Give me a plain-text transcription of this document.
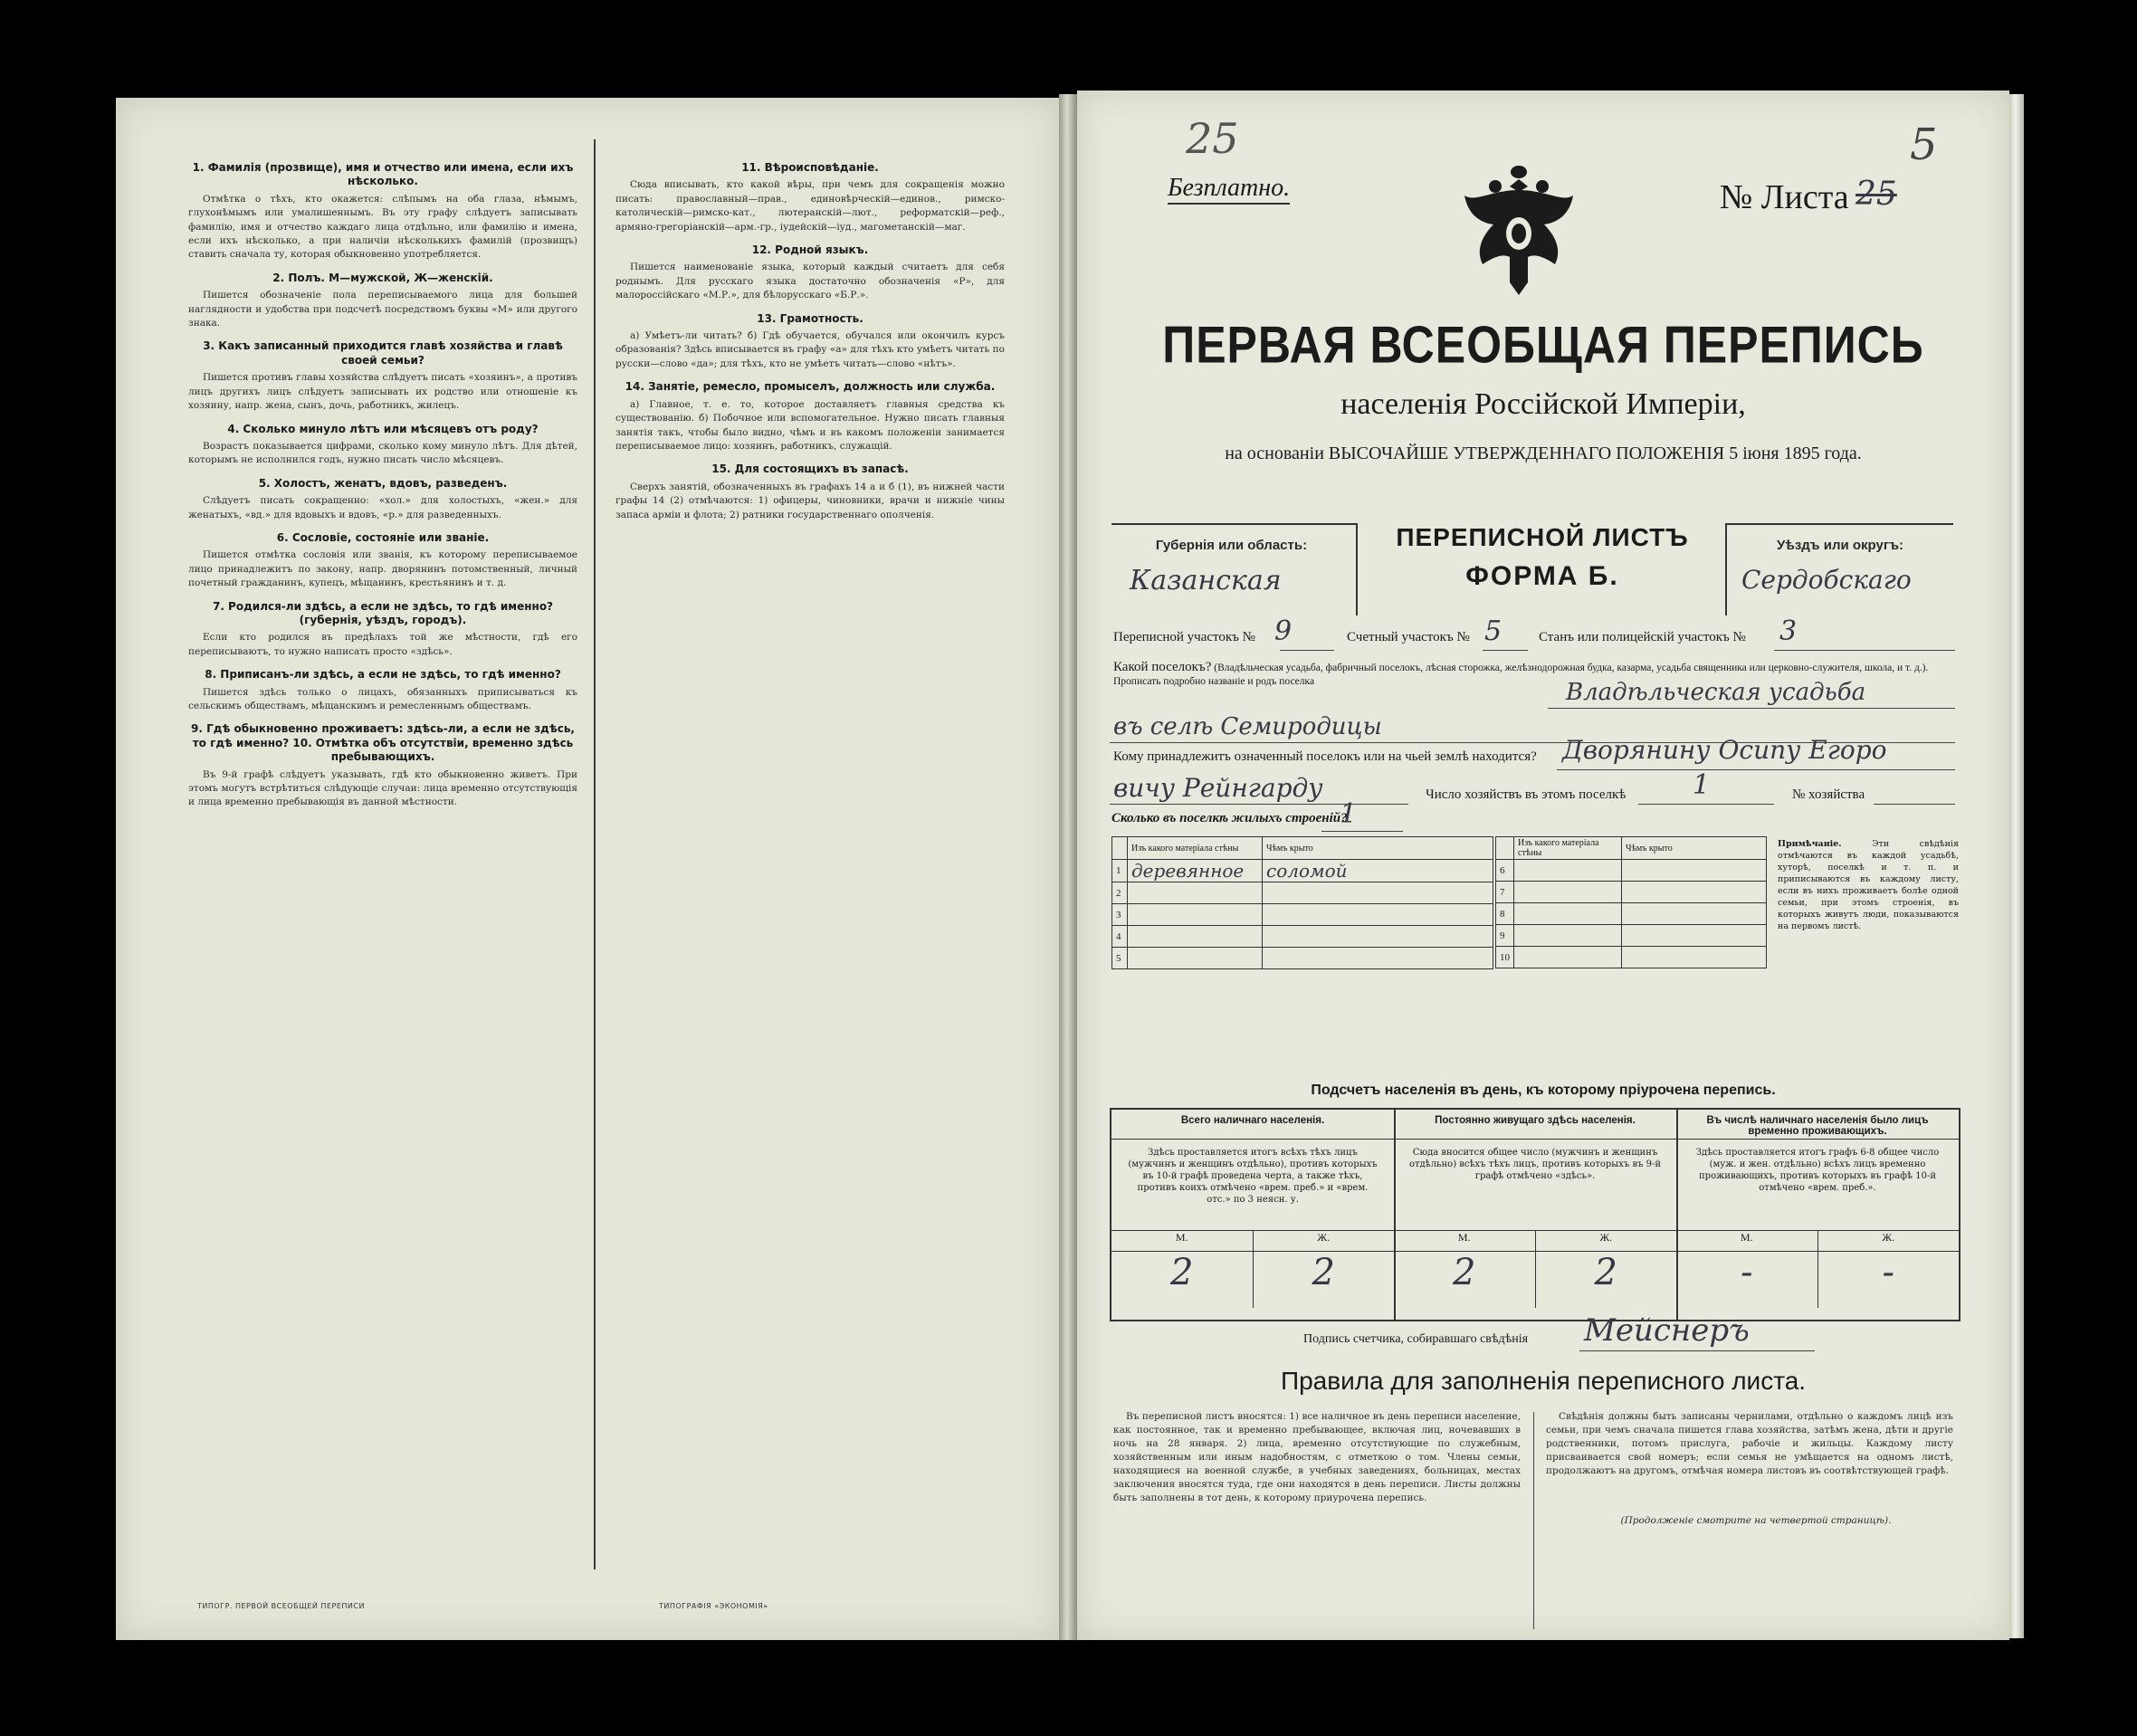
1. Фамилія (прозвище), имя и отчество или имена, если ихъ нѣсколько.

Отмѣтка о тѣхъ, кто окажется: слѣпымъ на оба глаза, нѣмымъ, глухонѣмымъ или умалишеннымъ. Въ эту графу слѣдуетъ записывать фамилію, имя и отчество каждаго лица отдѣльно, или фамилію и имена, если ихъ нѣсколько, а при наличіи нѣсколькихъ фамилій (прозвищъ) ставить сначала ту, которая обыкновенно употребляется.

2. Полъ. М—мужской, Ж—женскій.

Пишется обозначеніе пола переписываемого лица для большей наглядности и удобства при подсчетѣ посредствомъ буквы «М» или другого знака.

3. Какъ записанный приходится главѣ хозяйства и главѣ своей семьи?

Пишется противъ главы хозяйства слѣдуетъ писать «хозяинъ», а противъ лицъ другихъ лицъ слѣдуетъ записывать их родство или отношеніе къ хозяину, напр. жена, сынъ, дочь, работникъ, жилецъ.

4. Сколько минуло лѣтъ или мѣсяцевъ отъ роду?

Возрастъ показывается цифрами, сколько кому минуло лѣтъ. Для дѣтей, которымъ не исполнился годъ, нужно писать число мѣсяцевъ.

5. Холостъ, женатъ, вдовъ, разведенъ.

Слѣдуетъ писать сокращенно: «хол.» для холостыхъ, «жен.» для женатыхъ, «вд.» для вдовыхъ и вдовъ, «р.» для разведенныхъ.

6. Сословіе, состояніе или званіе.

Пишется отмѣтка сословія или званія, къ которому переписываемое лицо принадлежитъ по закону, напр. дворянинъ потомственный, личный почетный гражданинъ, купецъ, мѣщанинъ, крестьянинъ и т. д.

7. Родился-ли здѣсь, а если не здѣсь, то гдѣ именно? (губернія, уѣздъ, городъ).

Если кто родился въ предѣлахъ той же мѣстности, гдѣ его переписываютъ, то нужно написать просто «здѣсь».

8. Приписанъ-ли здѣсь, а если не здѣсь, то гдѣ именно?

Пишется здѣсь только о лицахъ, обязанныхъ приписываться къ сельскимъ обществамъ, мѣщанскимъ и ремесленнымъ обществамъ.

9. Гдѣ обыкновенно проживаетъ: здѣсь-ли, а если не здѣсь, то гдѣ именно? 10. Отмѣтка объ отсутствіи, временно здѣсь пребывающихъ.

Въ 9-й графѣ слѣдуетъ указывать, гдѣ кто обыкновенно живетъ. При этомъ могутъ встрѣтиться слѣдующіе случаи: лица временно отсутствующія и лица временно пребывающія въ данной мѣстности.

11. Вѣроисповѣданіе.

Сюда вписывать, кто какой вѣры, при чемъ для сокращенія можно писать: православный—прав., единовѣрческій—единов., римско-католическій—римско-кат., лютеранскій—лют., реформатскій—реф., армяно-грегоріанскій—арм.-гр., іудейскій—іуд., магометанскій—маг.

12. Родной языкъ.

Пишется наименованіе языка, который каждый считаетъ для себя роднымъ. Для русскаго языка достаточно обозначенія «Р», для малороссійскаго «М.Р.», для бѣлорусскаго «Б.Р.».

13. Грамотность.

а) Умѣетъ-ли читать? б) Гдѣ обучается, обучался или окончилъ курсъ образованія? Здѣсь вписывается въ графу «а» для тѣхъ кто умѣетъ читать по русски—слово «да»; для тѣхъ, кто не умѣетъ читать—слово «нѣтъ».

14. Занятіе, ремесло, промыселъ, должность или служба.

а) Главное, т. е. то, которое доставляетъ главныя средства къ существованію. б) Побочное или вспомогательное. Нужно писать главныя занятія такъ, чтобы было видно, чѣмъ и въ какомъ положеніи занимается переписываемое лицо: хозяинъ, работникъ, служащій.

15. Для состоящихъ въ запасѣ.

Сверхъ занятій, обозначенныхъ въ графахъ 14 а и б (1), въ нижней части графы 14 (2) отмѣчаются: 1) офицеры, чиновники, врачи и нижніе чины запаса арміи и флота; 2) ратники государственнаго ополченія.

ТИПОГР. ПЕРВОЙ ВСЕОБЩЕЙ ПЕРЕПИСИ	ТИПОГРАФІЯ «ЭКОНОМІЯ»
25	5
Безплатно.	№ Листа 25
ПЕРВАЯ ВСЕОБЩАЯ ПЕРЕПИСЬ
населенія Россійской Имперіи,
на основаніи ВЫСОЧАЙШЕ УТВЕРЖДЕННАГО ПОЛОЖЕНІЯ 5 іюня 1895 года.
Губернія или область:
Казанская
ПЕРЕПИСНОЙ ЛИСТЪ
ФОРМА Б.
Уѣздъ или округъ:
Сердобскаго
Переписной участокъ № 9	Счетный участокъ № 5	Станъ или полицейскій участокъ № 3
Какой поселокъ? (Владѣльческая усадьба, фабричный поселокъ, лѣсная сторожка, желѣзнодорожная будка, казарма, усадьба священника или церковно-служителя, школа, и т. д.). Прописать подробно названіе и родъ поселка	Владѣльческая усадьба
въ селѣ Семиродицы
Кому принадлежитъ означенный поселокъ или на чьей землѣ находится? Дворянину Осипу Егоро
вичу Рейнгарду	Число хозяйствъ въ этомъ поселкѣ 1	№ хозяйства
Сколько въ поселкѣ жилыхъ строеній?
1
	Изъ какого матеріала стѣны	Чѣмъ крыто
1	деревянное	соломой
2		
3		
4		
5		
	Изъ какого матеріала стѣны	Чѣмъ крыто
6		
7		
8		
9		
10		
Примѣчаніе.	Эти свѣдѣнія отмѣчаются въ каждой усадьбѣ, хуторѣ, поселкѣ и т. п. и приписываются въ каждому листу, если въ нихъ проживаетъ болѣе одной семьи, при этомъ строенія, въ которыхъ живутъ люди, показываются на первомъ листѣ.
Подсчетъ населенія въ день, къ которому пріурочена перепись.
Всего наличнаго населенія.
Здѣсь проставляется итогъ всѣхъ тѣхъ лицъ (мужчинъ и женщинъ отдѣльно), противъ которыхъ въ 10-й графѣ проведена черта, а также тѣхъ, противъ коихъ отмѣчено «врем. преб.» и «врем. отс.» по 3 неясн. у.
М.	Ж.
2	2
Постоянно живущаго здѣсь населенія.
Сюда вносится общее число (мужчинъ и женщинъ отдѣльно) всѣхъ тѣхъ лицъ, противъ которыхъ въ 9-й графѣ отмѣчено «здѣсь».
М.	Ж.
2	2
Въ числѣ наличнаго населенія было лицъ временно проживающихъ.
Здѣсь проставляется итогъ графъ 6-8 общее число (муж. и жен. отдѣльно) всѣхъ лицъ временно проживающихъ, противъ которыхъ въ графѣ 10-й отмѣчено «врем. преб.».
М.	Ж.
-	-
Подпись счетчика, собиравшаго свѣдѣнія Мейснеръ
Правила для заполненія переписного листа.

Въ переписной листъ вносятся: 1) все наличное въ день переписи население, как постоянное, так и временно пребывающее, включая лиц, ночевавших в ночь на 28 января. 2) лица, временно отсутствующие по служебным, хозяйственным или иным надобностям, с отметкою о том. Члены семьи, находящиеся на военной службе, в учебных заведениях, больницах, местах заключения вносятся туда, где они находятся в день переписи. Листы должны быть заполнены в тот день, к которому приурочена перепись.

Свѣдѣнія должны быть записаны чернилами, отдѣльно о каждомъ лицѣ изъ семьи, при чемъ сначала пишется глава хозяйства, затѣмъ жена, дѣти и другіе родственники, потомъ прислуга, рабочіе и жильцы. Каждому листу присваивается свой номеръ; если семья не умѣщается на одномъ листѣ, продолжаютъ на другомъ, отмѣчая номера листовъ въ соотвѣтствующей графѣ.

(Продолженіе смотрите на четвертой страницѣ).
